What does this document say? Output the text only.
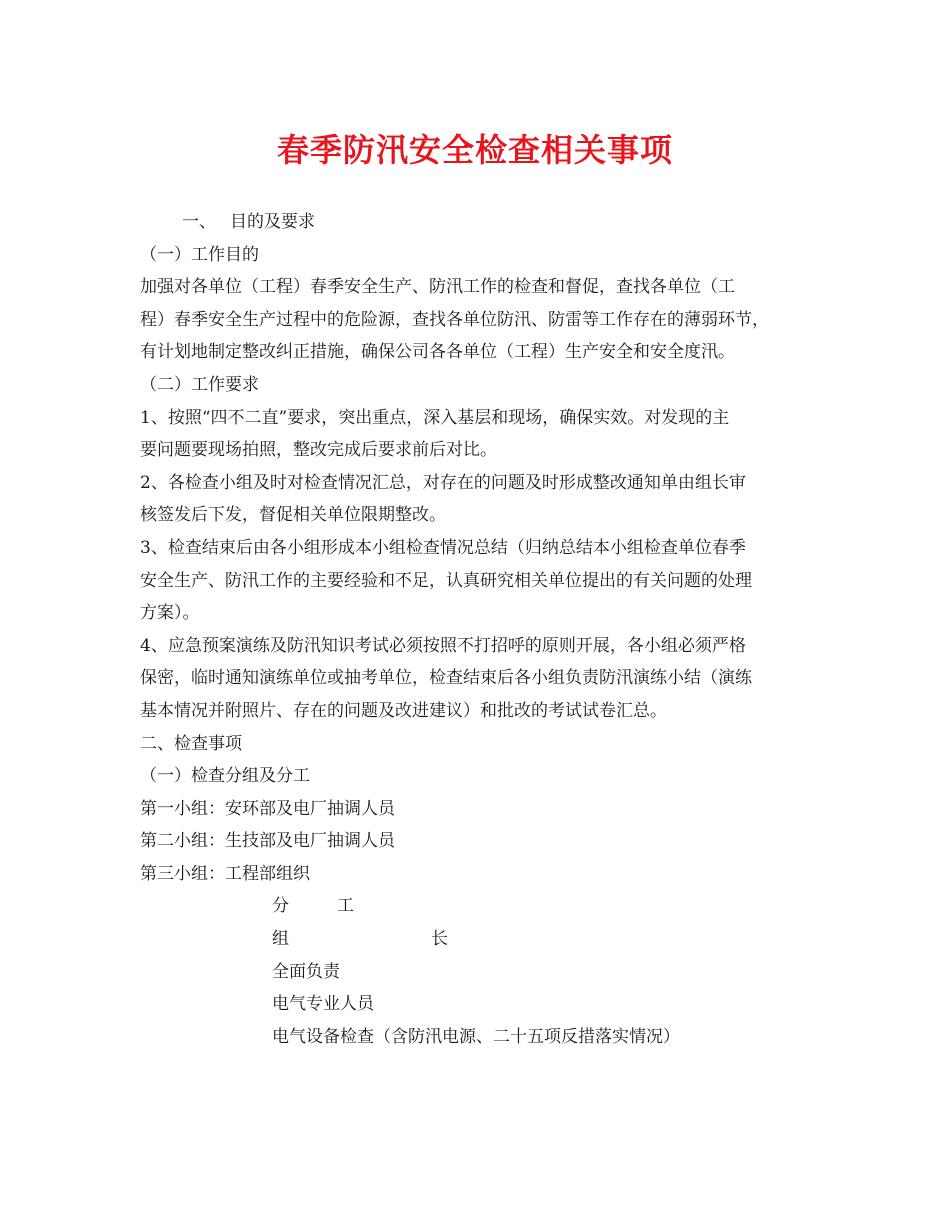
春季防汛安全检查相关事项
一、 目的及要求
（一）工作目的
加强对各单位（工程）春季安全生产、防汛工作的检查和督促，查找各单位（工
程）春季安全生产过程中的危险源，查找各单位防汛、防雷等工作存在的薄弱环节，
有计划地制定整改纠正措施，确保公司各各单位（工程）生产安全和安全度汛。
（二）工作要求
1、按照“四不二直”要求，突出重点，深入基层和现场，确保实效。对发现的主
要问题要现场拍照，整改完成后要求前后对比。
2、各检查小组及时对检查情况汇总，对存在的问题及时形成整改通知单由组长审
核签发后下发，督促相关单位限期整改。
3、检查结束后由各小组形成本小组检查情况总结（归纳总结本小组检查单位春季
安全生产、防汛工作的主要经验和不足，认真研究相关单位提出的有关问题的处理
方案）。
4、应急预案演练及防汛知识考试必须按照不打招呼的原则开展，各小组必须严格
保密，临时通知演练单位或抽考单位，检查结束后各小组负责防汛演练小结（演练
基本情况并附照片、存在的问题及改进建议）和批改的考试试卷汇总。
二、检查事项
（一）检查分组及分工
第一小组：安环部及电厂抽调人员
第二小组：生技部及电厂抽调人员
第三小组：工程部组织
分	工
组	长
全面负责
电气专业人员
电气设备检查（含防汛电源、二十五项反措落实情况）
